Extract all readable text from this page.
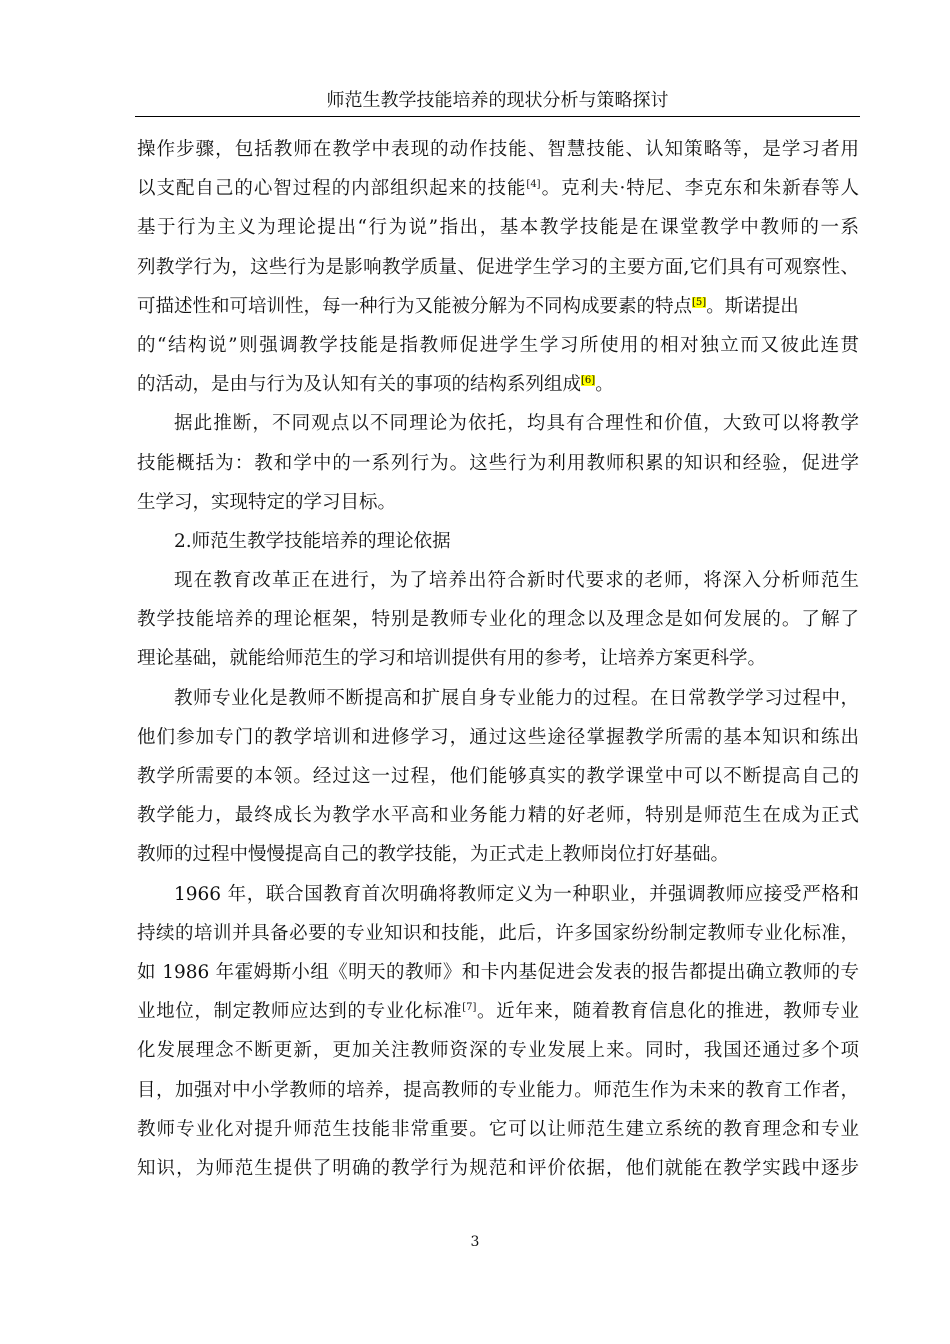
师范生教学技能培养的现状分析与策略探讨
操作步骤，包括教师在教学中表现的动作技能、智慧技能、认知策略等，是学习者用
以支配自己的心智过程的内部组织起来的技能[4]。克利夫·特尼、李克东和朱新春等人
基于行为主义为理论提出“行为说”指出，基本教学技能是在课堂教学中教师的一系
列教学行为，这些行为是影响教学质量、促进学生学习的主要方面,它们具有可观察性、
可描述性和可培训性，每一种行为又能被分解为不同构成要素的特点[5]。斯诺提出
的“结构说”则强调教学技能是指教师促进学生学习所使用的相对独立而又彼此连贯
的活动，是由与行为及认知有关的事项的结构系列组成[6]。
据此推断，不同观点以不同理论为依托，均具有合理性和价值，大致可以将教学
技能概括为：教和学中的一系列行为。这些行为利用教师积累的知识和经验，促进学
生学习，实现特定的学习目标。
2.师范生教学技能培养的理论依据
现在教育改革正在进行，为了培养出符合新时代要求的老师，将深入分析师范生
教学技能培养的理论框架，特别是教师专业化的理念以及理念是如何发展的。了解了
理论基础，就能给师范生的学习和培训提供有用的参考，让培养方案更科学。
教师专业化是教师不断提高和扩展自身专业能力的过程。在日常教学学习过程中，
他们参加专门的教学培训和进修学习，通过这些途径掌握教学所需的基本知识和练出
教学所需要的本领。经过这一过程，他们能够真实的教学课堂中可以不断提高自己的
教学能力，最终成长为教学水平高和业务能力精的好老师，特别是师范生在成为正式
教师的过程中慢慢提高自己的教学技能，为正式走上教师岗位打好基础。
1966 年，联合国教育首次明确将教师定义为一种职业，并强调教师应接受严格和
持续的培训并具备必要的专业知识和技能，此后，许多国家纷纷制定教师专业化标准，
如 1986 年霍姆斯小组《明天的教师》和卡内基促进会发表的报告都提出确立教师的专
业地位，制定教师应达到的专业化标准[7]。近年来，随着教育信息化的推进，教师专业
化发展理念不断更新，更加关注教师资深的专业发展上来。同时，我国还通过多个项
目，加强对中小学教师的培养，提高教师的专业能力。师范生作为未来的教育工作者，
教师专业化对提升师范生技能非常重要。它可以让师范生建立系统的教育理念和专业
知识，为师范生提供了明确的教学行为规范和评价依据，他们就能在教学实践中逐步
3
